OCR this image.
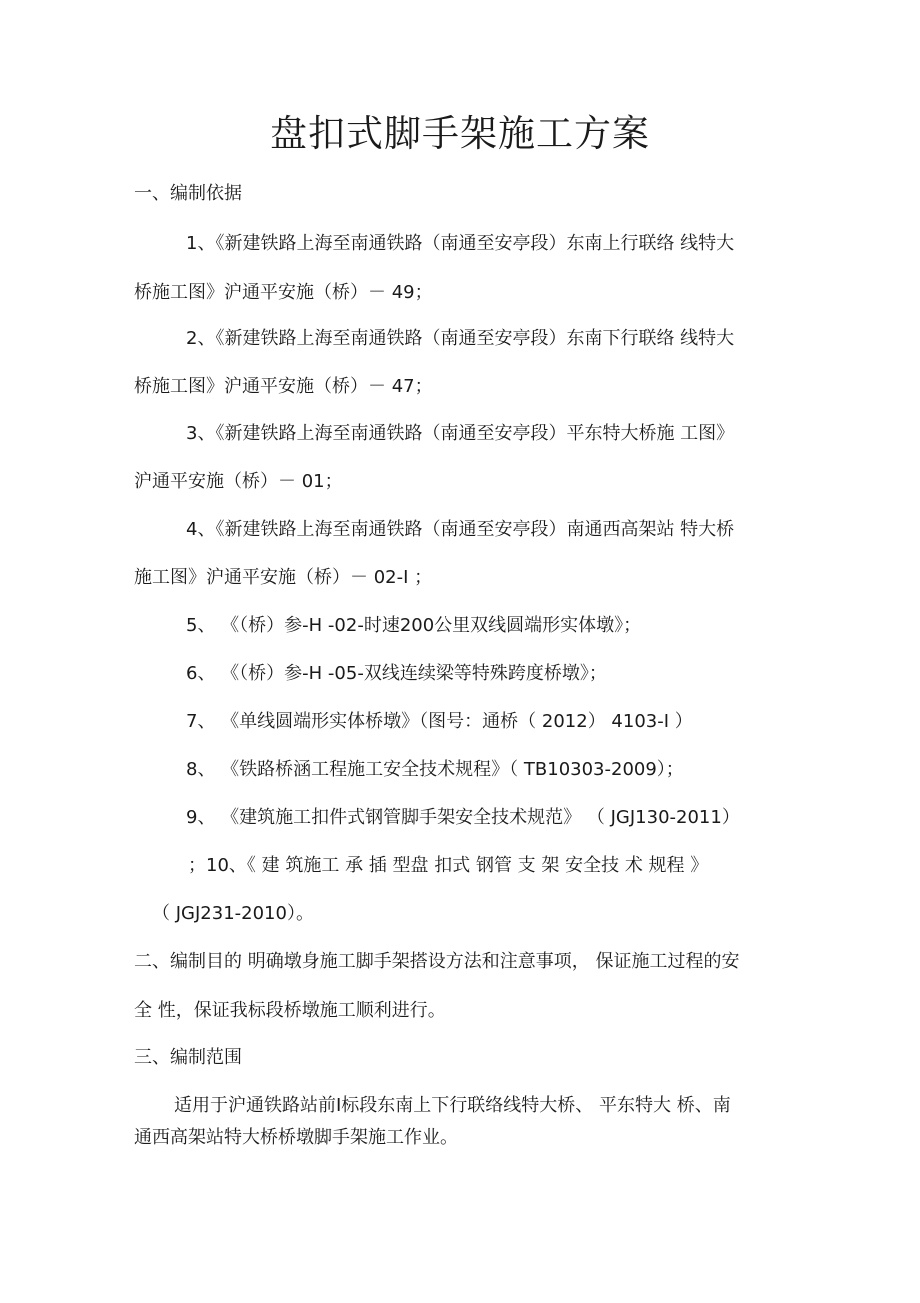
盘扣式脚手架施工方案
一、编制依据
1、《新建铁路上海至南通铁路（南通至安亭段）东南上行联络 线特大
桥施工图》沪通平安施（桥）－ 49；
2、《新建铁路上海至南通铁路（南通至安亭段）东南下行联络 线特大
桥施工图》沪通平安施（桥）－ 47；
3、《新建铁路上海至南通铁路（南通至安亭段）平东特大桥施 工图》
沪通平安施（桥）－ 01；
4、《新建铁路上海至南通铁路（南通至安亭段）南通西高架站 特大桥
施工图》沪通平安施（桥）－ 02-I ；
5、 《（桥）参-H -02-时速200公里双线圆端形实体墩》；
6、 《（桥）参-H -05-双线连续梁等特殊跨度桥墩》；
7、 《单线圆端形实体桥墩》（图号：通桥（ 2012） 4103-I ）
8、 《铁路桥涵工程施工安全技术规程》（ TB10303-2009）；
9、 《建筑施工扣件式钢管脚手架安全技术规范》 （ JGJ130-2011）
；10、《 建 筑施工 承 插 型盘 扣式 钢管 支 架 安全技 术 规程 》
（ JGJ231-2010）。
二、编制目的 明确墩身施工脚手架搭设方法和注意事项， 保证施工过程的安
全 性，保证我标段桥墩施工顺利进行。
三、编制范围
适用于沪通铁路站前Ⅰ标段东南上下行联络线特大桥、 平东特大 桥、南
通西高架站特大桥桥墩脚手架施工作业。
